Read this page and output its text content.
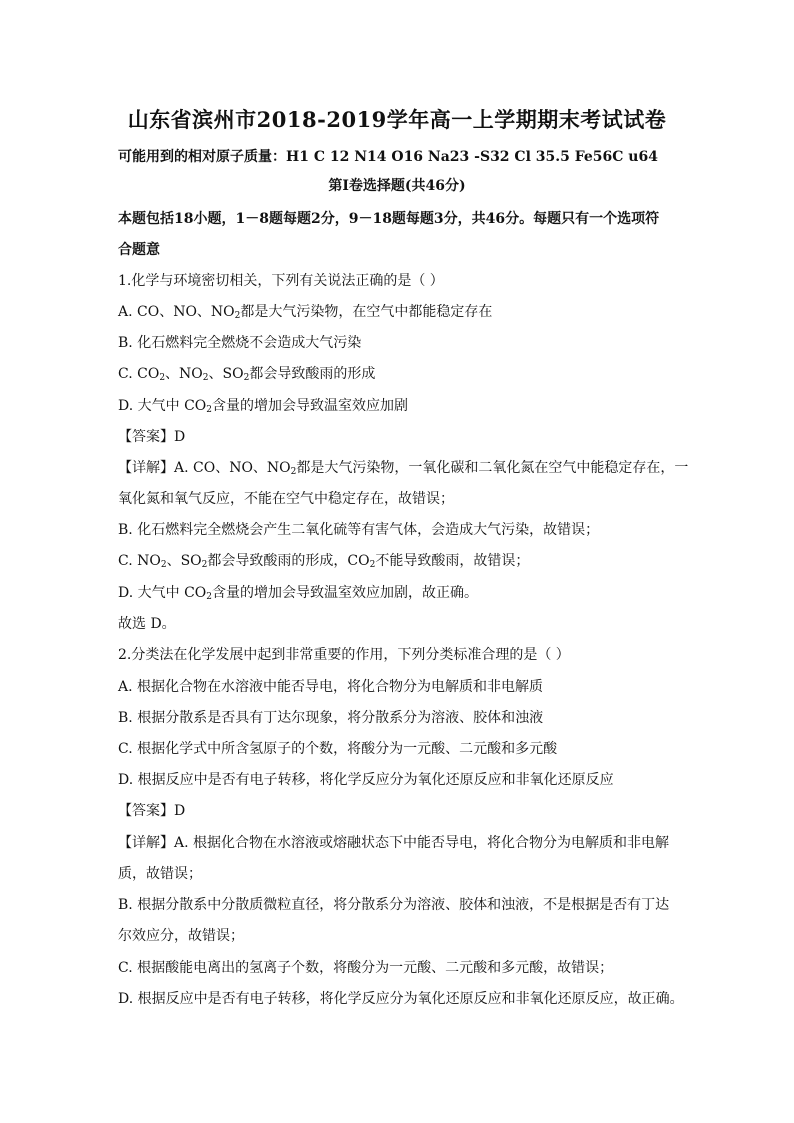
山东省滨州市2018-2019学年高一上学期期末考试试卷
可能用到的相对原子质量：H1 C 12 N14 O16 Na23 -S32 Cl 35.5 Fe56C u64
第Ⅰ卷选择题(共46分)
本题包括18小题，1－8题每题2分，9－18题每题3分，共46分。每题只有一个选项符
合题意
1.化学与环境密切相关，下列有关说法正确的是（ ）
A. CO、NO、$NO_2$都是大气污染物，在空气中都能稳定存在
B. 化石燃料完全燃烧不会造成大气污染
C. $CO_2$、$NO_2$、$SO_2$都会导致酸雨的形成
D. 大气中 $CO_2$含量的增加会导致温室效应加剧
【答案】D
【详解】A. CO、NO、$NO_2$都是大气污染物，一氧化碳和二氧化氮在空气中能稳定存在，一
氧化氮和氧气反应，不能在空气中稳定存在，故错误；
B. 化石燃料完全燃烧会产生二氧化硫等有害气体，会造成大气污染，故错误；
C. $NO_2$、$SO_2$都会导致酸雨的形成，$CO_2$不能导致酸雨，故错误；
D. 大气中 $CO_2$含量的增加会导致温室效应加剧，故正确。
故选 D。
2.分类法在化学发展中起到非常重要的作用，下列分类标准合理的是（ ）
A. 根据化合物在水溶液中能否导电，将化合物分为电解质和非电解质
B. 根据分散系是否具有丁达尔现象，将分散系分为溶液、胶体和浊液
C. 根据化学式中所含氢原子的个数，将酸分为一元酸、二元酸和多元酸
D. 根据反应中是否有电子转移，将化学反应分为氧化还原反应和非氧化还原反应
【答案】D
【详解】A. 根据化合物在水溶液或熔融状态下中能否导电，将化合物分为电解质和非电解
质，故错误；
B. 根据分散系中分散质微粒直径，将分散系分为溶液、胶体和浊液，不是根据是否有丁达
尔效应分，故错误；
C. 根据酸能电离出的氢离子个数，将酸分为一元酸、二元酸和多元酸，故错误；
D. 根据反应中是否有电子转移，将化学反应分为氧化还原反应和非氧化还原反应，故正确。
